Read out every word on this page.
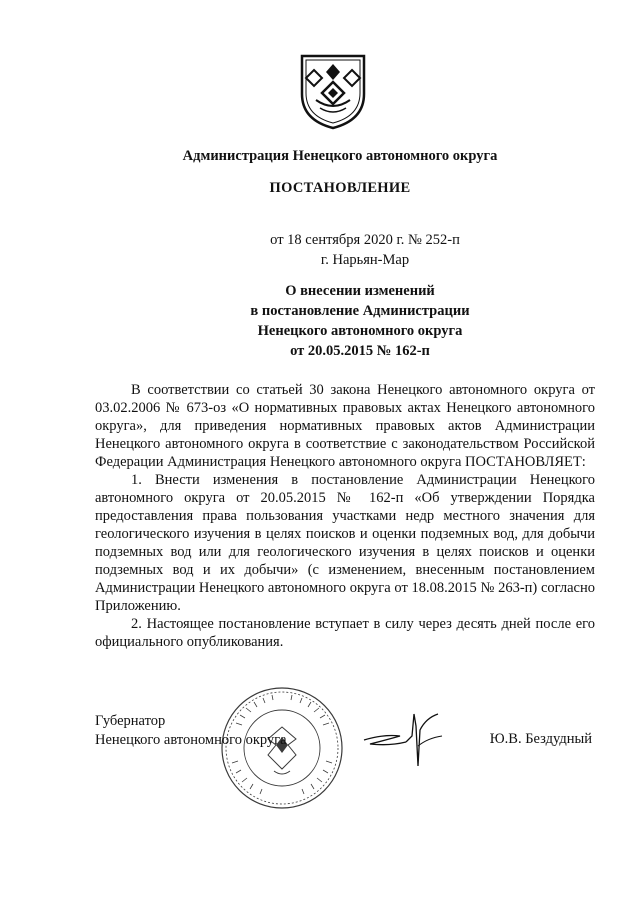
Администрация Ненецкого автономного округа
ПОСТАНОВЛЕНИЕ
от 18 сентября 2020 г. № 252-п
г. Нарьян-Мар
О внесении изменений
в постановление Администрации
Ненецкого автономного округа
от 20.05.2015 № 162-п

В соответствии со статьей 30 закона Ненецкого автономного округа от 03.02.2006 № 673-оз «О нормативных правовых актах Ненецкого автономного округа», для приведения нормативных правовых актов Администрации Ненецкого автономного округа в соответствие с законодательством Российской Федерации Администрация Ненецкого автономного округа ПОСТАНОВЛЯЕТ:

1. Внести изменения в постановление Администрации Ненецкого автономного округа от 20.05.2015 № 162-п «Об утверждении Порядка предоставления права пользования участками недр местного значения для геологического изучения в целях поисков и оценки подземных вод, для добычи подземных вод или для геологического изучения в целях поисков и оценки подземных вод и их добычи» (с изменением, внесенным постановлением Администрации Ненецкого автономного округа от 18.08.2015 № 263-п) согласно Приложению.

2. Настоящее постановление вступает в силу через десять дней после его официального опубликования.

Губернатор
Ненецкого автономного округа	Ю.В. Бездудный
